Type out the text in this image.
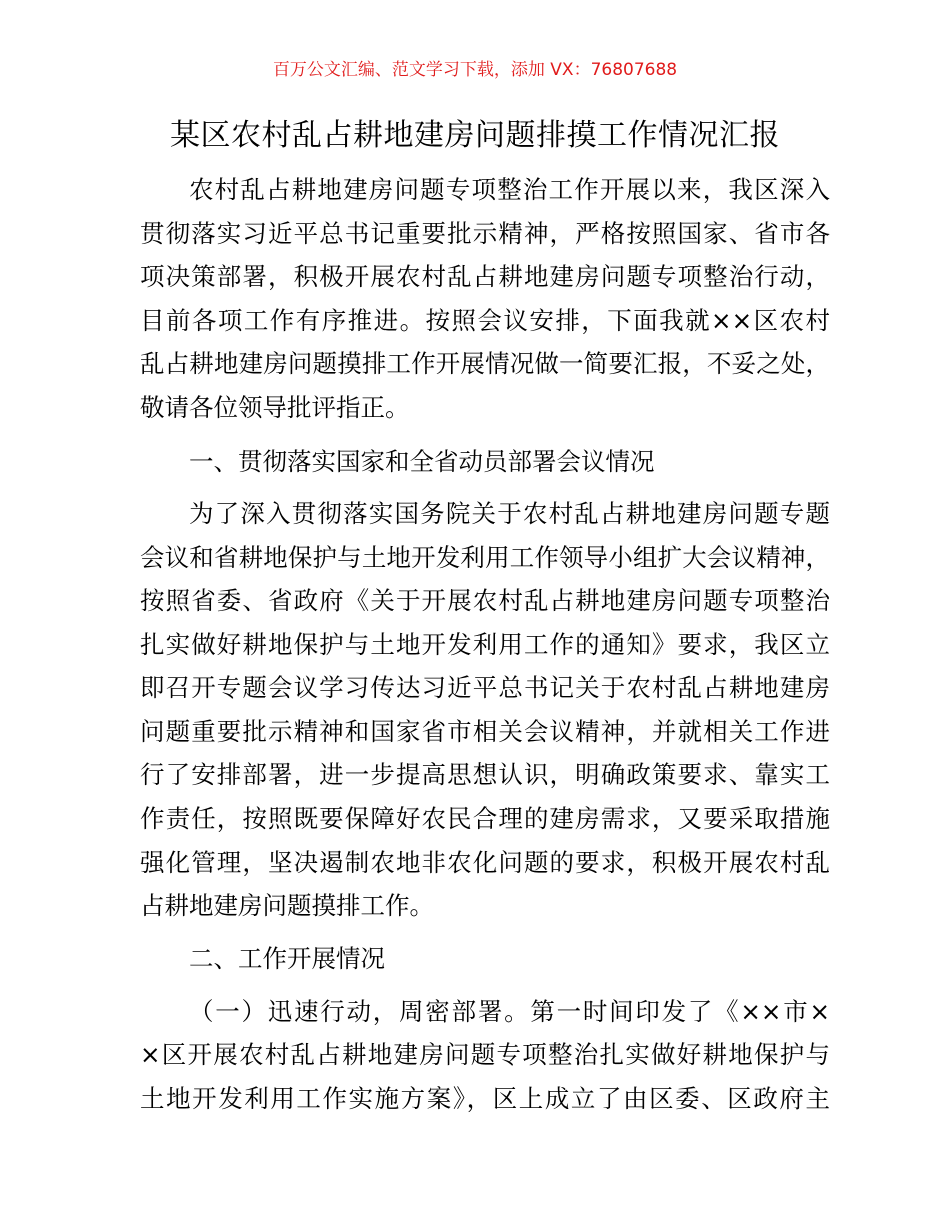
百万公文汇编、范文学习下载，添加 VX：76807688
某区农村乱占耕地建房问题排摸工作情况汇报
农村乱占耕地建房问题专项整治工作开展以来，我区深入
贯彻落实习近平总书记重要批示精神，严格按照国家、省市各
项决策部署，积极开展农村乱占耕地建房问题专项整治行动，
目前各项工作有序推进。按照会议安排，下面我就××区农村
乱占耕地建房问题摸排工作开展情况做一简要汇报，不妥之处，
敬请各位领导批评指正。
一、贯彻落实国家和全省动员部署会议情况
为了深入贯彻落实国务院关于农村乱占耕地建房问题专题
会议和省耕地保护与土地开发利用工作领导小组扩大会议精神，
按照省委、省政府《关于开展农村乱占耕地建房问题专项整治
扎实做好耕地保护与土地开发利用工作的通知》要求，我区立
即召开专题会议学习传达习近平总书记关于农村乱占耕地建房
问题重要批示精神和国家省市相关会议精神，并就相关工作进
行了安排部署，进一步提高思想认识，明确政策要求、靠实工
作责任，按照既要保障好农民合理的建房需求，又要采取措施
强化管理，坚决遏制农地非农化问题的要求，积极开展农村乱
占耕地建房问题摸排工作。
二、工作开展情况
（一）迅速行动，周密部署。第一时间印发了《××市×
×区开展农村乱占耕地建房问题专项整治扎实做好耕地保护与
土地开发利用工作实施方案》，区上成立了由区委、区政府主
